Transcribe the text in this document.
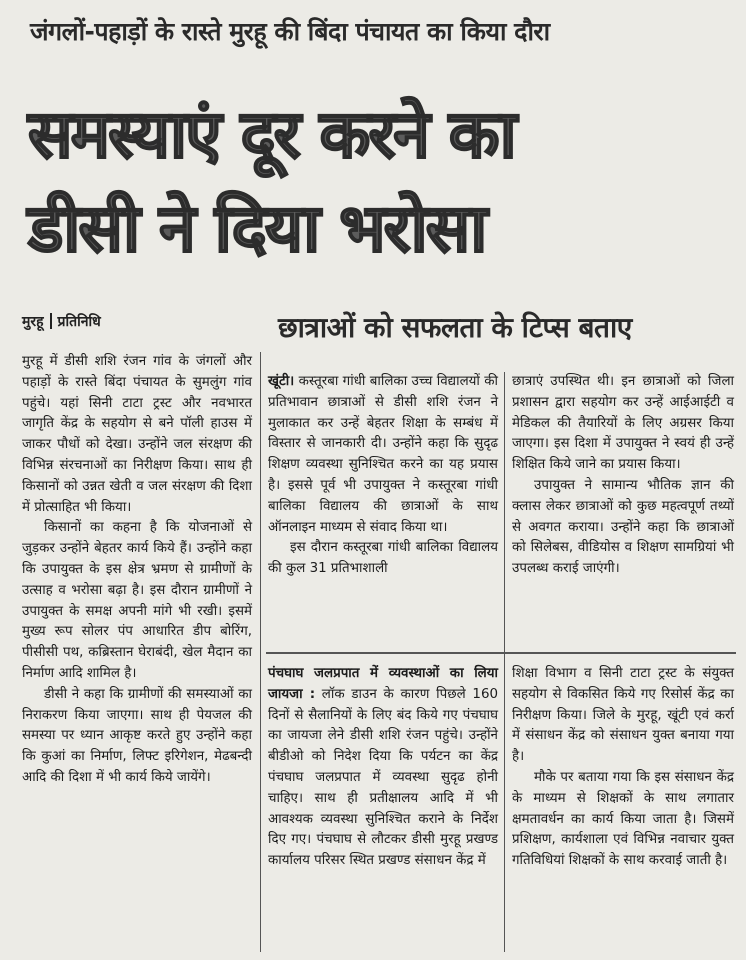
जंगलों-पहाड़ों के रास्ते मुरहू की बिंदा पंचायत का किया दौरा
समस्याएं दूर करने का
डीसी ने दिया भरोसा
मुरहू प्रतिनिधि	छात्राओं को सफलता के टिप्स बताए

मुरहू में डीसी शशि रंजन गांव के जंगलों और पहाड़ों के रास्ते बिंदा पंचायत के सुमलुंग गांव पहुंचे। यहां सिनी टाटा ट्रस्ट और नवभारत जागृति केंद्र के सहयोग से बने पॉली हाउस में जाकर पौधों को देखा। उन्होंने जल संरक्षण की विभिन्न संरचनाओं का निरीक्षण किया। साथ ही किसानों को उन्नत खेती व जल संरक्षण की दिशा में प्रोत्साहित भी किया।

किसानों का कहना है कि योजनाओं से जुड़कर उन्होंने बेहतर कार्य किये हैं। उन्होंने कहा कि उपायुक्त के इस क्षेत्र भ्रमण से ग्रामीणों के उत्साह व भरोसा बढ़ा है। इस दौरान ग्रामीणों ने उपायुक्त के समक्ष अपनी मांगे भी रखी। इसमें मुख्य रूप सोलर पंप आधारित डीप बोरिंग, पीसीसी पथ, कब्रिस्तान घेराबंदी, खेल मैदान का निर्माण आदि शामिल है।

डीसी ने कहा कि ग्रामीणों की समस्याओं का निराकरण किया जाएगा। साथ ही पेयजल की समस्या पर ध्यान आकृष्ट करते हुए उन्होंने कहा कि कुआं का निर्माण, लिफ्ट इरिगेशन, मेढबन्दी आदि की दिशा में भी कार्य किये जायेंगे।

खूंटी। कस्तूरबा गांधी बालिका उच्च विद्यालयों की प्रतिभावान छात्राओं से डीसी शशि रंजन ने मुलाकात कर उन्हें बेहतर शिक्षा के सम्बंध में विस्तार से जानकारी दी। उन्होंने कहा कि सुदृढ शिक्षण व्यवस्था सुनिश्चित करने का यह प्रयास है। इससे पूर्व भी उपायुक्त ने कस्तूरबा गांधी बालिका विद्यालय की छात्राओं के साथ ऑनलाइन माध्यम से संवाद किया था।

इस दौरान कस्तूरबा गांधी बालिका विद्यालय की कुल 31 प्रतिभाशाली

छात्राएं उपस्थित थी। इन छात्राओं को जिला प्रशासन द्वारा सहयोग कर उन्हें आईआईटी व मेडिकल की तैयारियों के लिए अग्रसर किया जाएगा। इस दिशा में उपायुक्त ने स्वयं ही उन्हें शिक्षित किये जाने का प्रयास किया।

उपायुक्त ने सामान्य भौतिक ज्ञान की क्लास लेकर छात्राओं को कुछ महत्वपूर्ण तथ्यों से अवगत कराया। उन्होंने कहा कि छात्राओं को सिलेबस, वीडियोस व शिक्षण सामग्रियां भी उपलब्ध कराई जाएंगी।

पंचघाघ जलप्रपात में व्यवस्थाओं का लिया जायजा : लॉक डाउन के कारण पिछले 160 दिनों से सैलानियों के लिए बंद किये गए पंचघाघ का जायजा लेने डीसी शशि रंजन पहुंचे। उन्होंने बीडीओ को निदेश दिया कि पर्यटन का केंद्र पंचघाघ जलप्रपात में व्यवस्था सुदृढ होनी चाहिए। साथ ही प्रतीक्षालय आदि में भी आवश्यक व्यवस्था सुनिश्चित कराने के निर्देश दिए गए। पंचघाघ से लौटकर डीसी मुरहू प्रखण्ड कार्यालय परिसर स्थित प्रखण्ड संसाधन केंद्र में

शिक्षा विभाग व सिनी टाटा ट्रस्ट के संयुक्त सहयोग से विकसित किये गए रिसोर्स केंद्र का निरीक्षण किया। जिले के मुरहू, खूंटी एवं कर्रा में संसाधन केंद्र को संसाधन युक्त बनाया गया है।

मौके पर बताया गया कि इस संसाधन केंद्र के माध्यम से शिक्षकों के साथ लगातार क्षमतावर्धन का कार्य किया जाता है। जिसमें प्रशिक्षण, कार्यशाला एवं विभिन्न नवाचार युक्त गतिविधियां शिक्षकों के साथ करवाई जाती है।
